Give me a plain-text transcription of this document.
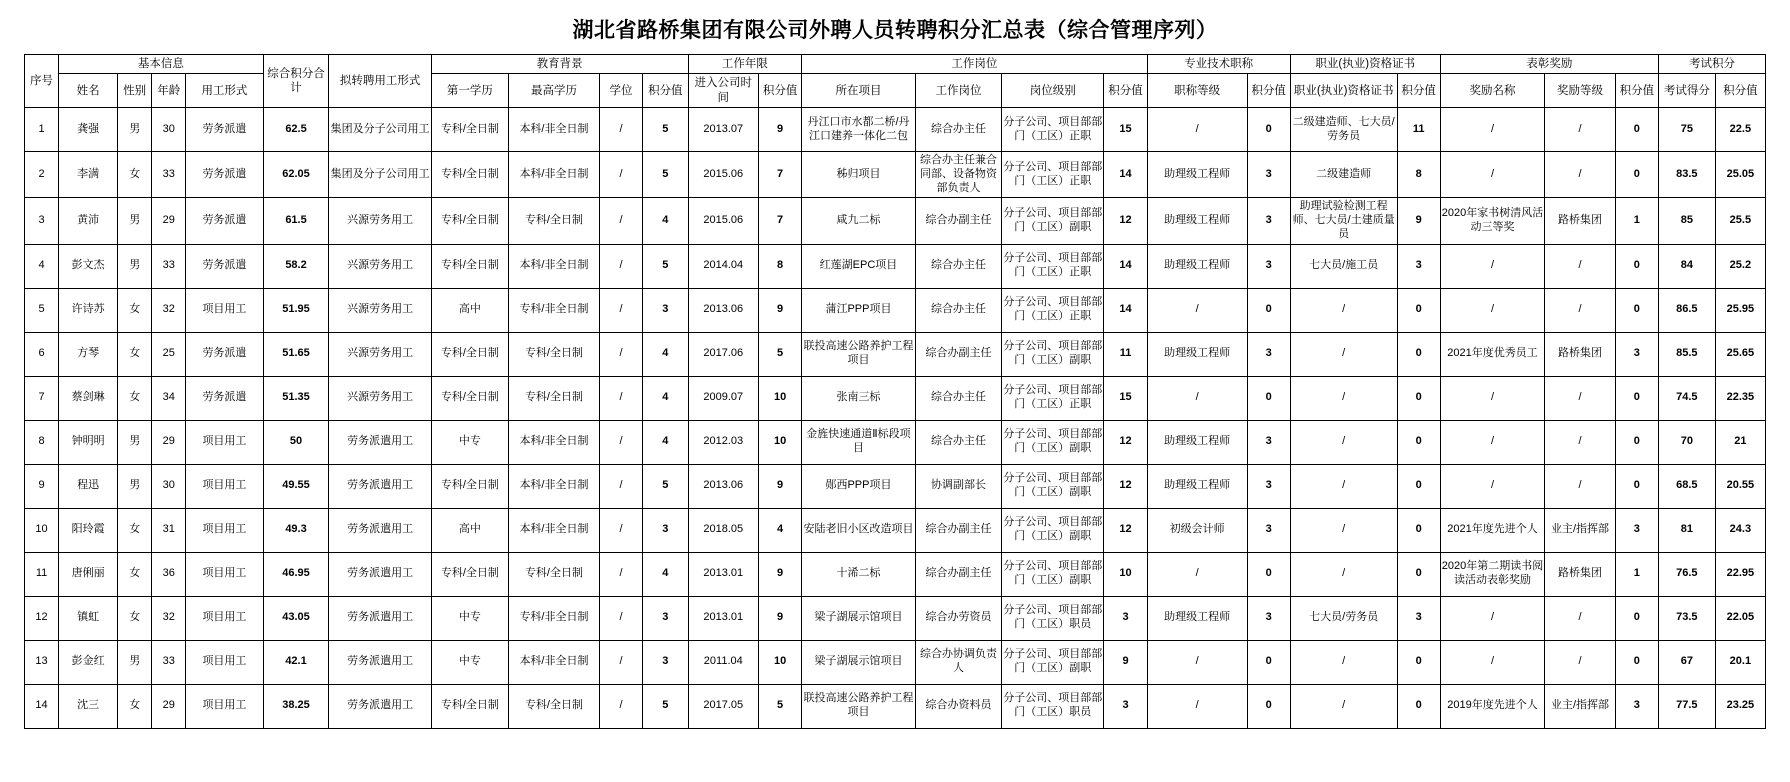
湖北省路桥集团有限公司外聘人员转聘积分汇总表（综合管理序列）
序号	基本信息				综合积分合计	拟转聘用工形式	教育背景				工作年限		工作岗位				专业技术职称		职业(执业)资格证书		表彰奖励			考试积分	
	姓名	性别	年龄	用工形式			第一学历	最高学历	学位	积分值	进入公司时间	积分值	所在项目	工作岗位	岗位级别	积分值	职称等级	积分值	职业(执业)资格证书	积分值	奖励名称	奖励等级	积分值	考试得分	积分值
1	龚强	男	30	劳务派遣	62.5	集团及分子公司用工	专科/全日制	本科/非全日制	/	5	2013.07	9	丹江口市水都二桥/丹江口建养一体化二包	综合办主任	分子公司、项目部部门（工区）正职	15	/	0	二级建造师、七大员/劳务员	11	/	/	0	75	22.5
2	李满	女	33	劳务派遣	62.05	集团及分子公司用工	专科/全日制	本科/非全日制	/	5	2015.06	7	秭归项目	综合办主任兼合同部、设备物资部负责人	分子公司、项目部部门（工区）正职	14	助理级工程师	3	二级建造师	8	/	/	0	83.5	25.05
3	黄沛	男	29	劳务派遣	61.5	兴源劳务用工	专科/全日制	专科/全日制	/	4	2015.06	7	咸九二标	综合办副主任	分子公司、项目部部门（工区）副职	12	助理级工程师	3	助理试验检测工程师、七大员/土建质量员	9	2020年家书树清风活动三等奖	路桥集团	1	85	25.5
4	彭文杰	男	33	劳务派遣	58.2	兴源劳务用工	专科/全日制	本科/非全日制	/	5	2014.04	8	红莲湖EPC项目	综合办主任	分子公司、项目部部门（工区）正职	14	助理级工程师	3	七大员/施工员	3	/	/	0	84	25.2
5	许诗苏	女	32	项目用工	51.95	兴源劳务用工	高中	专科/非全日制	/	3	2013.06	9	蒲江PPP项目	综合办主任	分子公司、项目部部门（工区）正职	14	/	0	/	0	/	/	0	86.5	25.95
6	方琴	女	25	劳务派遣	51.65	兴源劳务用工	专科/全日制	专科/全日制	/	4	2017.06	5	联投高速公路养护工程项目	综合办副主任	分子公司、项目部部门（工区）副职	11	助理级工程师	3	/	0	2021年度优秀员工	路桥集团	3	85.5	25.65
7	蔡剑琳	女	34	劳务派遣	51.35	兴源劳务用工	专科/全日制	专科/全日制	/	4	2009.07	10	张南三标	综合办主任	分子公司、项目部部门（工区）正职	15	/	0	/	0	/	/	0	74.5	22.35
8	钟明明	男	29	项目用工	50	劳务派遣用工	中专	本科/非全日制	/	4	2012.03	10	金旌快速通道Ⅱ标段项目	综合办主任	分子公司、项目部部门（工区）副职	12	助理级工程师	3	/	0	/	/	0	70	21
9	程迅	男	30	项目用工	49.55	劳务派遣用工	专科/全日制	本科/非全日制	/	5	2013.06	9	郧西PPP项目	协调副部长	分子公司、项目部部门（工区）副职	12	助理级工程师	3	/	0	/	/	0	68.5	20.55
10	阳玲霞	女	31	项目用工	49.3	劳务派遣用工	高中	本科/非全日制	/	3	2018.05	4	安陆老旧小区改造项目	综合办副主任	分子公司、项目部部门（工区）副职	12	初级会计师	3	/	0	2021年度先进个人	业主/指挥部	3	81	24.3
11	唐俐丽	女	36	项目用工	46.95	劳务派遣用工	专科/全日制	专科/全日制	/	4	2013.01	9	十浠二标	综合办副主任	分子公司、项目部部门（工区）副职	10	/	0	/	0	2020年第二期读书阅读活动表彰奖励	路桥集团	1	76.5	22.95
12	镇虹	女	32	项目用工	43.05	劳务派遣用工	中专	专科/非全日制	/	3	2013.01	9	梁子湖展示馆项目	综合办劳资员	分子公司、项目部部门（工区）职员	3	助理级工程师	3	七大员/劳务员	3	/	/	0	73.5	22.05
13	彭金红	男	33	项目用工	42.1	劳务派遣用工	中专	本科/非全日制	/	3	2011.04	10	梁子湖展示馆项目	综合办协调负责人	分子公司、项目部部门（工区）副职	9	/	0	/	0	/	/	0	67	20.1
14	沈三	女	29	项目用工	38.25	劳务派遣用工	专科/全日制	专科/全日制	/	5	2017.05	5	联投高速公路养护工程项目	综合办资料员	分子公司、项目部部门（工区）职员	3	/	0	/	0	2019年度先进个人	业主/指挥部	3	77.5	23.25
